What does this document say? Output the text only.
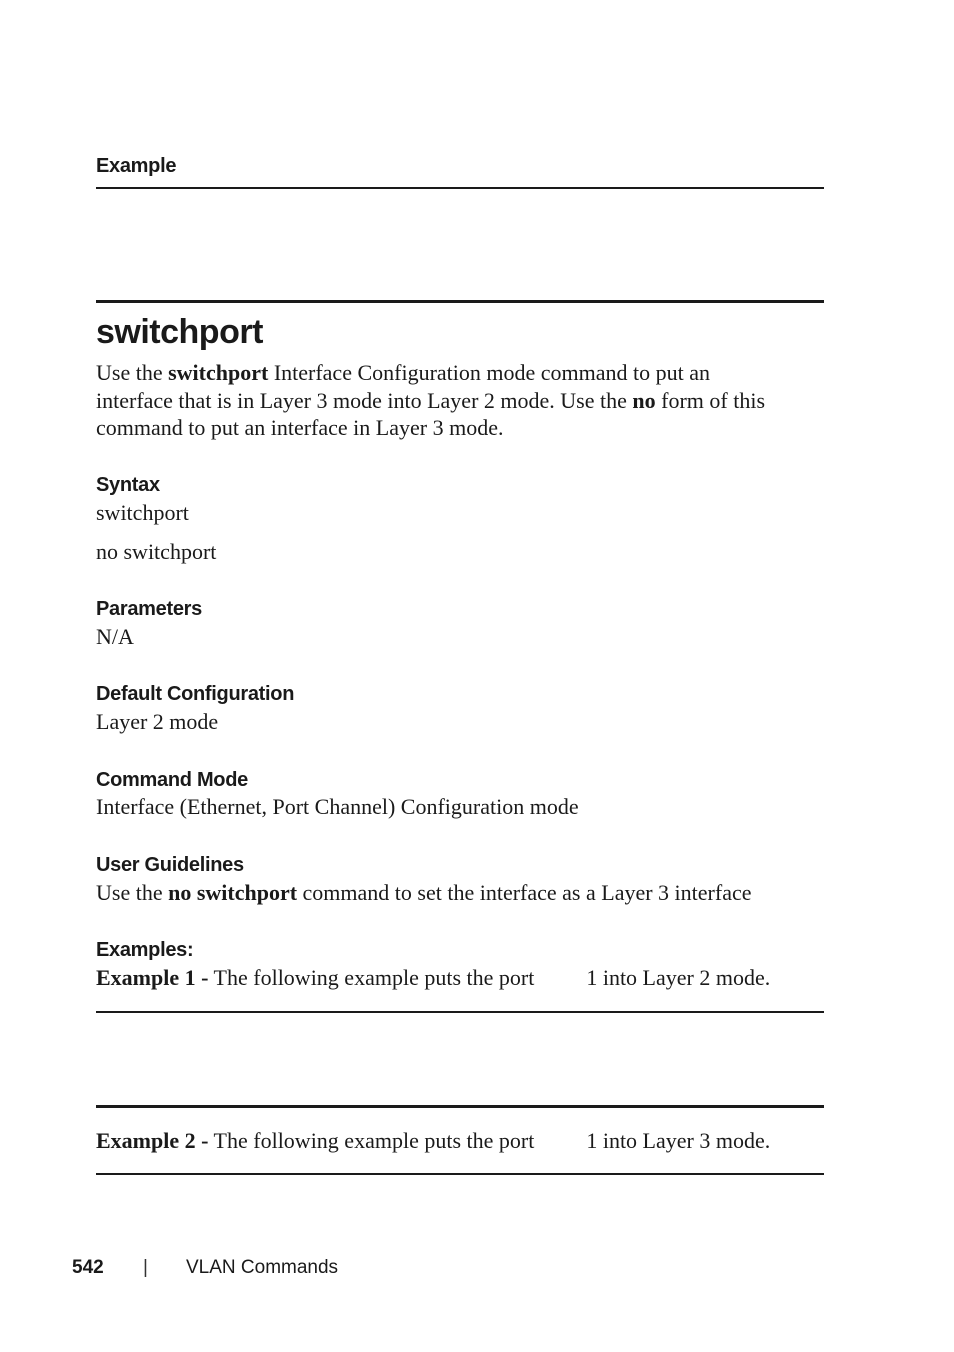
Example
switchport
Use the switchport Interface Configuration mode command to put an
interface that is in Layer 3 mode into Layer 2 mode. Use the no form of this
command to put an interface in Layer 3 mode.
Syntax
switchport
no switchport
Parameters
N/A
Default Configuration
Layer 2 mode
Command Mode
Interface (Ethernet, Port Channel) Configuration mode
User Guidelines
Use the no switchport command to set the interface as a Layer 3 interface
Examples:
Example 1 - The following example puts the port 1 into Layer 2 mode.
Example 2 - The following example puts the port 1 into Layer 3 mode.
542 | VLAN Commands
